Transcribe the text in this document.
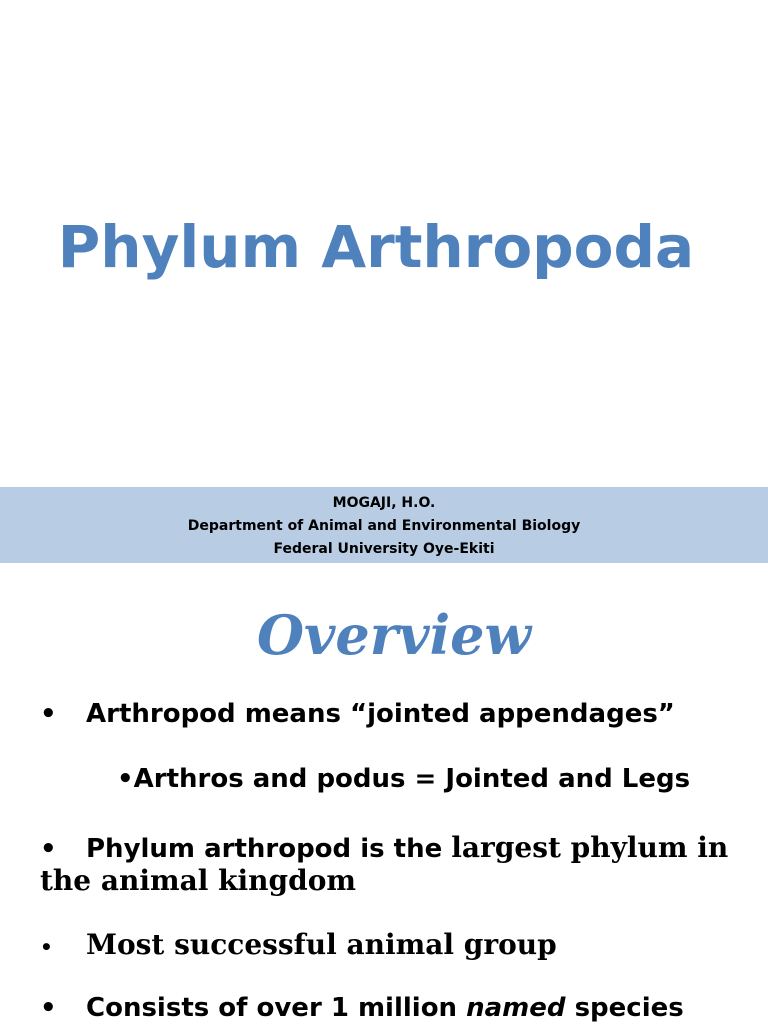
Phylum Arthropoda
MOGAJI, H.O.
Department of Animal and Environmental Biology
Federal University Oye-Ekiti
Overview
• Arthropod means “jointed appendages”
•Arthros and podus = Jointed and Legs
• Phylum arthropod is the largest phylum in
the animal kingdom
• Most successful animal group
• Consists of over 1 million named species
